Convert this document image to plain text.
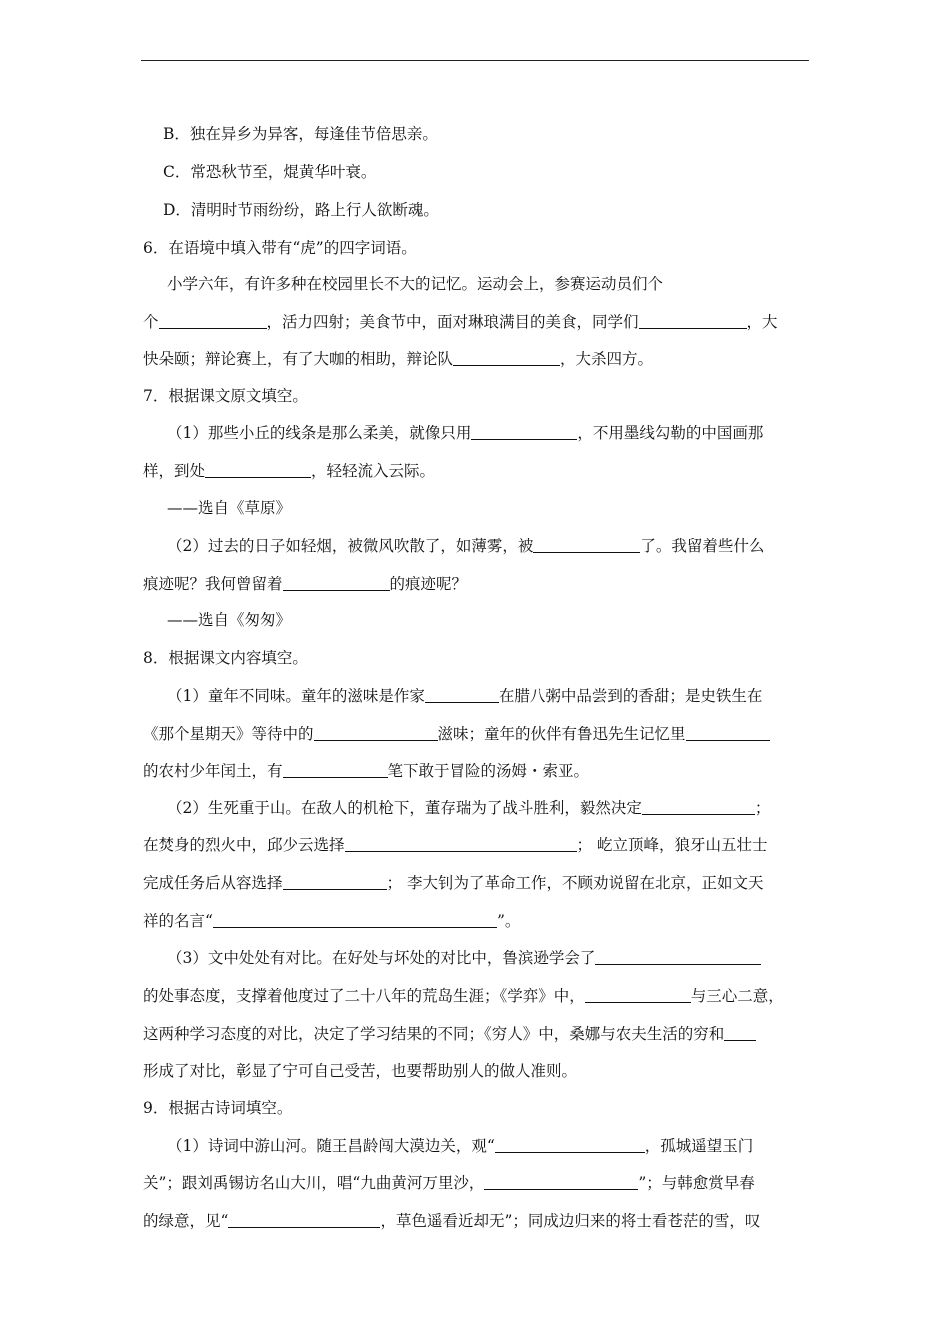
B．独在异乡为异客，每逢佳节倍思亲。
C．常恐秋节至，焜黄华叶衰。
D．清明时节雨纷纷，路上行人欲断魂。
6．在语境中填入带有“虎”的四字词语。
小学六年，有许多种在校园里长不大的记忆。运动会上，参赛运动员们个
个	，活力四射；美食节中，面对琳琅满目的美食，同学们	，大
快朵颐；辩论赛上，有了大咖的相助，辩论队	，大杀四方。
7．根据课文原文填空。
（1）那些小丘的线条是那么柔美，就像只用	，不用墨线勾勒的中国画那
样，到处	，轻轻流入云际。
——选自《草原》
（2）过去的日子如轻烟，被微风吹散了，如薄雾，被	了。我留着些什么
痕迹呢？我何曾留着	的痕迹呢？
——选自《匆匆》
8．根据课文内容填空。
（1）童年不同味。童年的滋味是作家	在腊八粥中品尝到的香甜；是史铁生在
《那个星期天》等待中的	滋味；童年的伙伴有鲁迅先生记忆里
的农村少年闰土，有	笔下敢于冒险的汤姆・索亚。
（2）生死重于山。在敌人的机枪下，董存瑞为了战斗胜利，毅然决定	；
在焚身的烈火中，邱少云选择	； 屹立顶峰，狼牙山五壮士
完成任务后从容选择	； 李大钊为了革命工作，不顾劝说留在北京，正如文天
祥的名言“	”。
（3）文中处处有对比。在好处与坏处的对比中，鲁滨逊学会了
的处事态度，支撑着他度过了二十八年的荒岛生涯；《学弈》中，	与三心二意，
这两种学习态度的对比，决定了学习结果的不同；《穷人》中，桑娜与农夫生活的穷和
形成了对比，彰显了宁可自己受苦，也要帮助别人的做人准则。
9．根据古诗词填空。
（1）诗词中游山河。随王昌龄闯大漠边关，观“	，孤城遥望玉门
关”；跟刘禹锡访名山大川，唱“九曲黄河万里沙，	”；与韩愈赏早春
的绿意，见“	，草色遥看近却无”；同成边归来的将士看苍茫的雪，叹
